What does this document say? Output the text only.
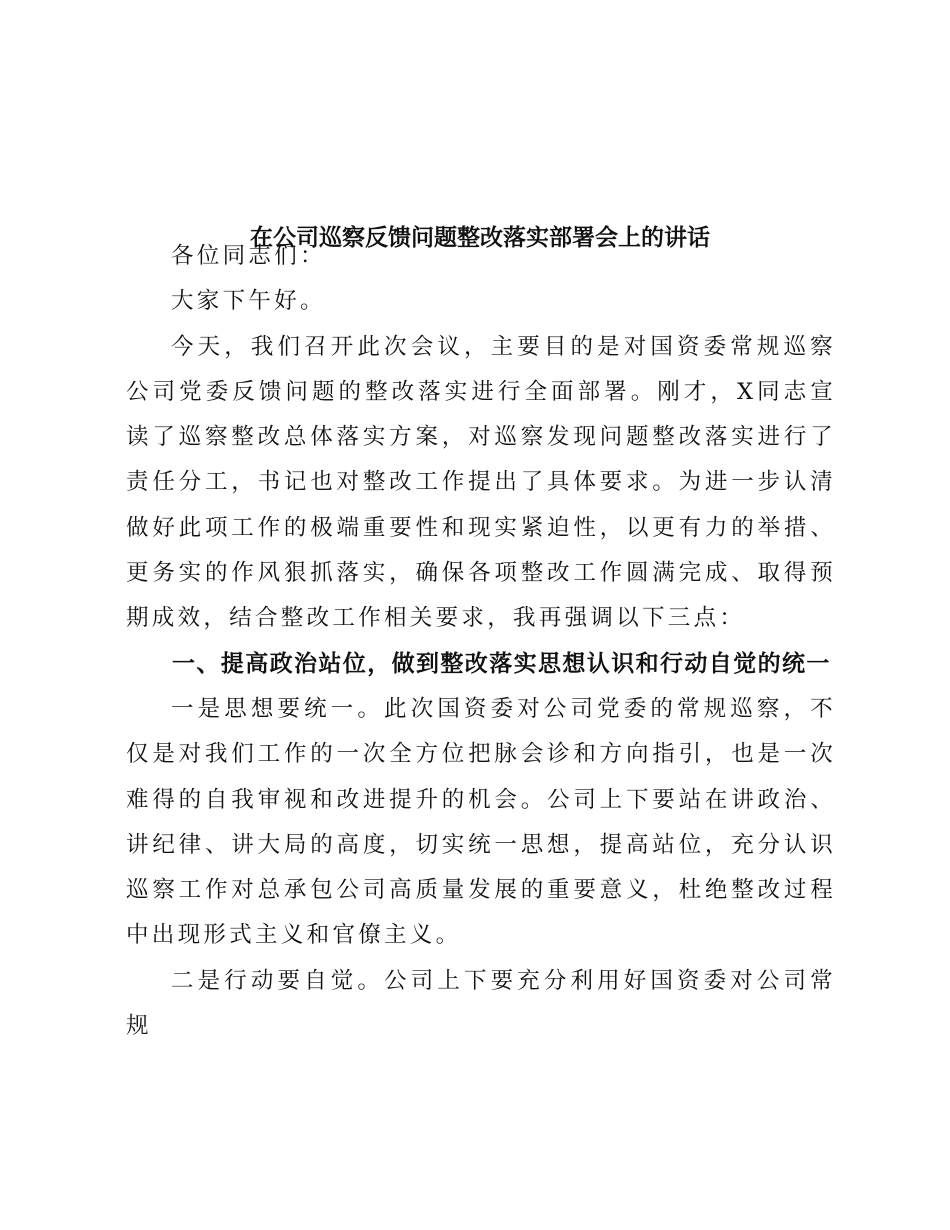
在公司巡察反馈问题整改落实部署会上的讲话

各位同志们：

大家下午好。

今天，我们召开此次会议，主要目的是对国资委常规巡察公司党委反馈问题的整改落实进行全面部署。刚才，X同志宣读了巡察整改总体落实方案，对巡察发现问题整改落实进行了责任分工，书记也对整改工作提出了具体要求。为进一步认清做好此项工作的极端重要性和现实紧迫性，以更有力的举措、更务实的作风狠抓落实，确保各项整改工作圆满完成、取得预期成效，结合整改工作相关要求，我再强调以下三点：

一、提高政治站位，做到整改落实思想认识和行动自觉的统一

一是思想要统一。此次国资委对公司党委的常规巡察，不仅是对我们工作的一次全方位把脉会诊和方向指引，也是一次难得的自我审视和改进提升的机会。公司上下要站在讲政治、讲纪律、讲大局的高度，切实统一思想，提高站位，充分认识巡察工作对总承包公司高质量发展的重要意义，杜绝整改过程中出现形式主义和官僚主义。

二是行动要自觉。公司上下要充分利用好国资委对公司常规
